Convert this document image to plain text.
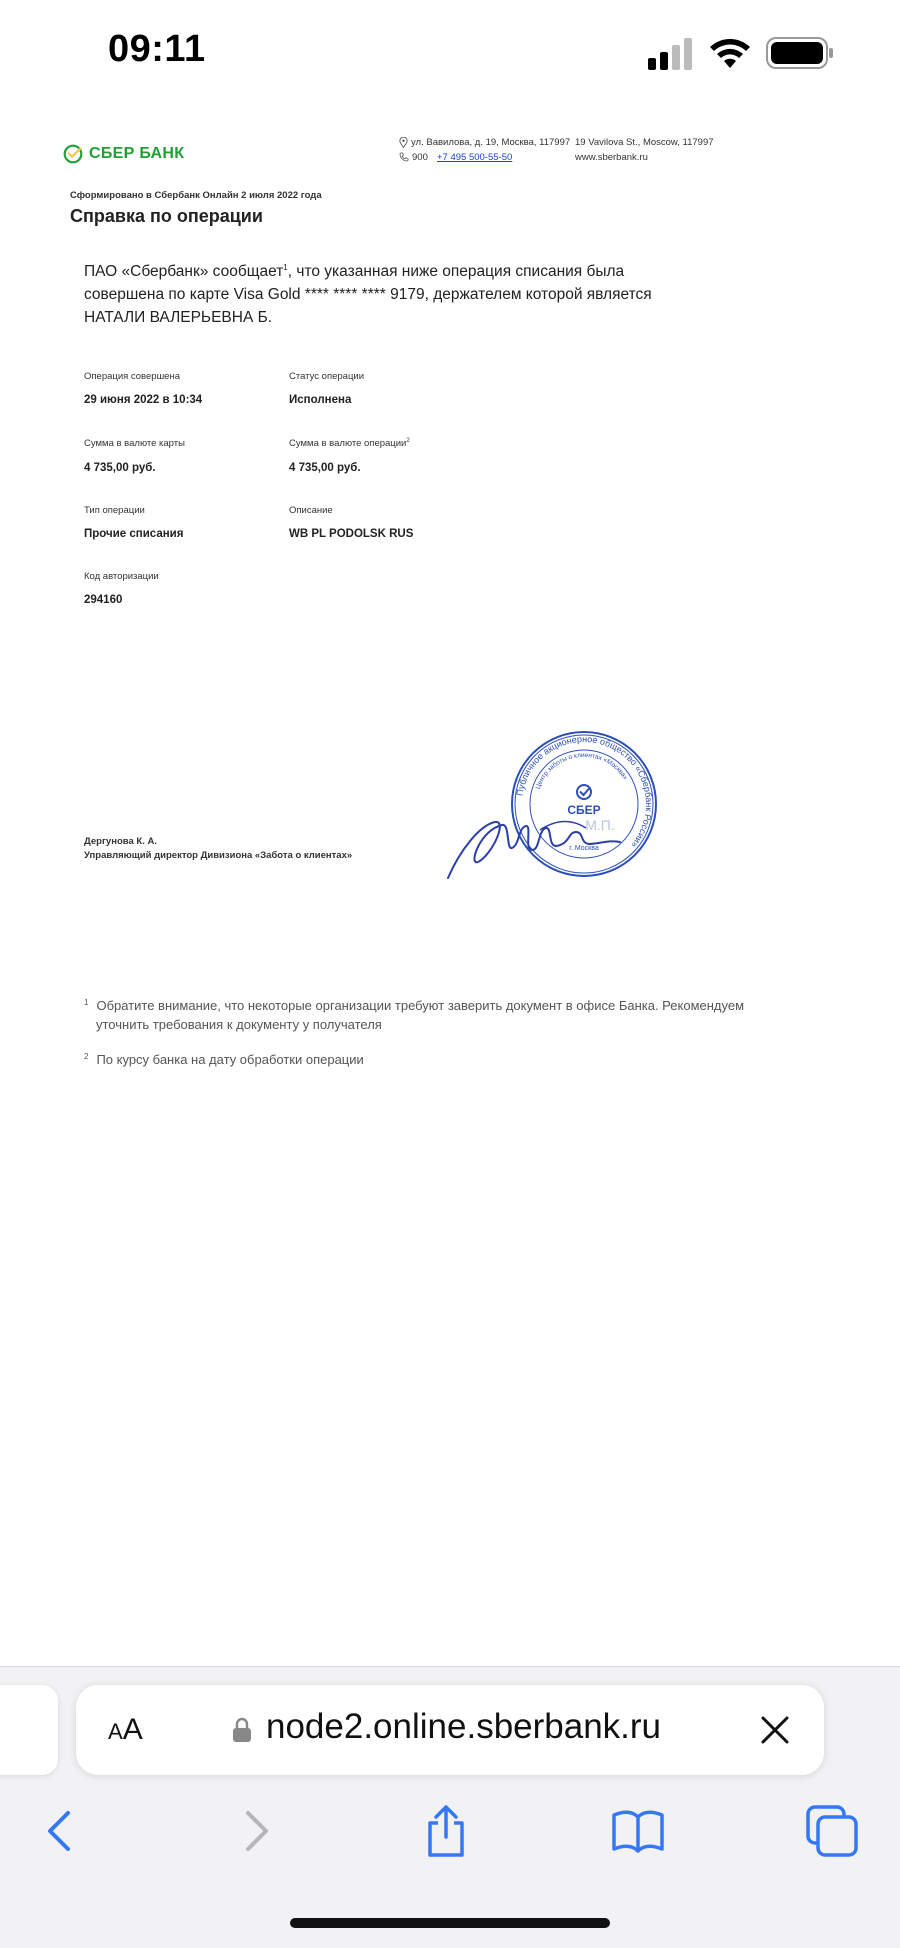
09:11
СБЕР БАНК
ул. Вавилова, д. 19, Москва, 117997 19 Vavilova St., Moscow, 117997
900 +7 495 500-55-50	www.sberbank.ru
Сформировано в Сбербанк Онлайн 2 июля 2022 года
Справка по операции
ПАО «Сбербанк» сообщает$^1$, что указанная ниже операция списания была совершена по карте Visa Gold **** **** **** 9179, держателем которой является НАТАЛИ ВАЛЕРЬЕВНА Б.
Операция совершена
29 июня 2022 в 10:34
Статус операции
Исполнена
Сумма в валюте карты
4 735,00 руб.
Сумма в валюте операции$^2$
4 735,00 руб.
Тип операции
Прочие списания
Описание
WB PL PODOLSK RUS
Код авторизации
294160
Публичное акционерное общество «Сбербанк России»
Центр заботы о клиентах «Москва»
СБЕР
г. Москва
М.П.
Дергунова К. А.
Управляющий директор Дивизиона «Забота о клиентах»
$^1$ Обратите внимание, что некоторые организации требуют заверить документ в офисе Банка. Рекомендуем
уточнить требования к документу у получателя
$^2$ По курсу банка на дату обработки операции
AA	node2.online.sberbank.ru
